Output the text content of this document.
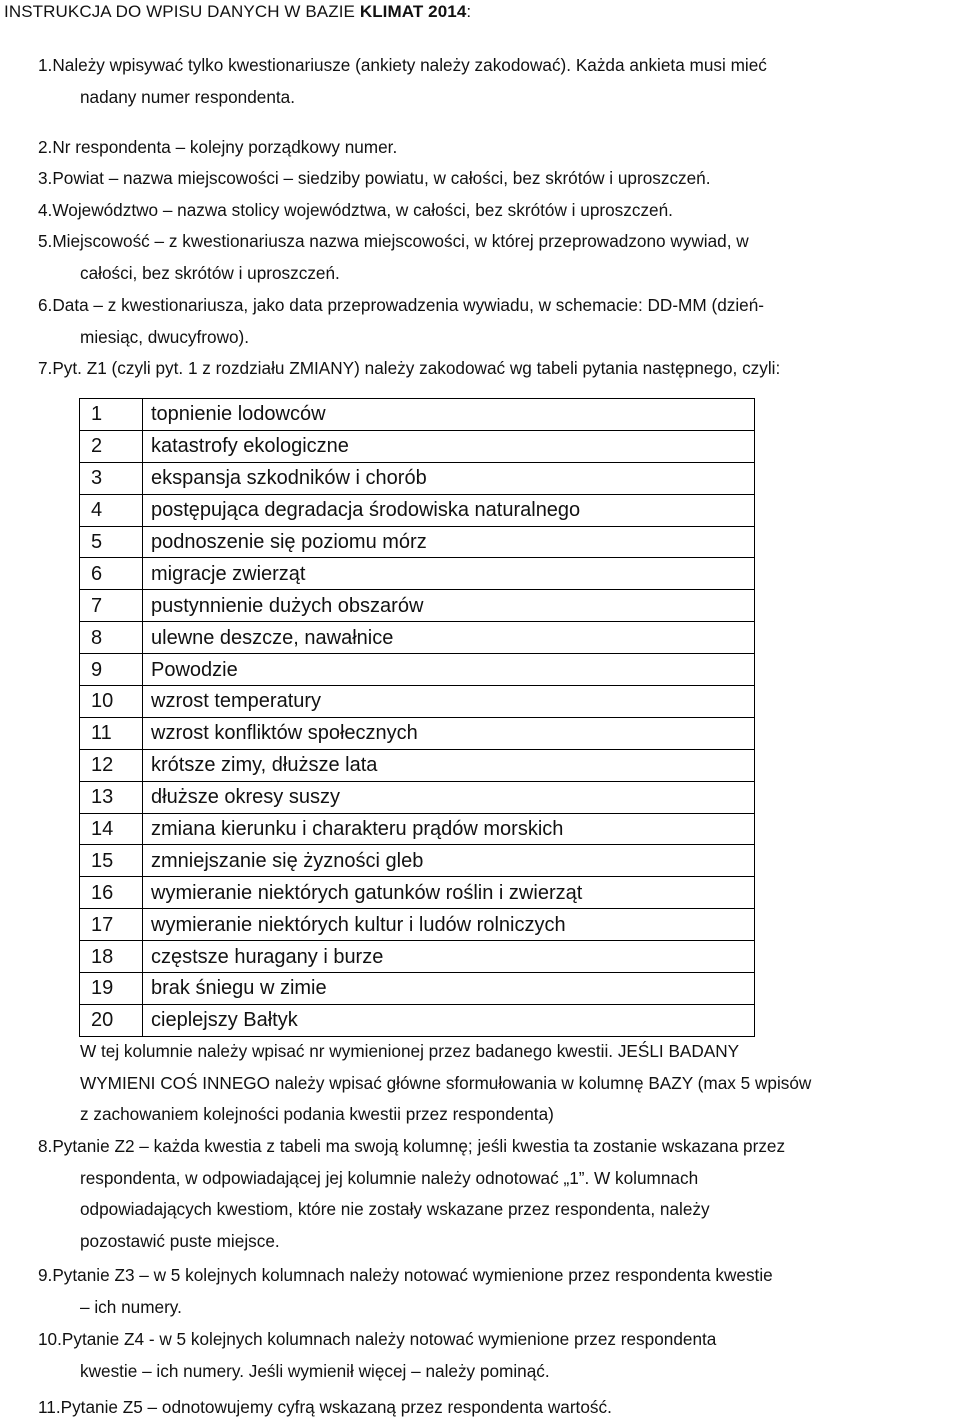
INSTRUKCJA DO WPISU DANYCH W BAZIE KLIMAT 2014:
1.Należy wpisywać tylko kwestionariusze (ankiety należy zakodować). Każda ankieta musi mieć
nadany numer respondenta.
2.Nr respondenta – kolejny porządkowy numer.
3.Powiat – nazwa miejscowości – siedziby powiatu, w całości, bez skrótów i uproszczeń.
4.Województwo – nazwa stolicy województwa, w całości, bez skrótów i uproszczeń.
5.Miejscowość – z kwestionariusza nazwa miejscowości, w której przeprowadzono wywiad, w
całości, bez skrótów i uproszczeń.
6.Data – z kwestionariusza, jako data przeprowadzenia wywiadu, w schemacie: DD-MM (dzień-
miesiąc, dwucyfrowo).
7.Pyt. Z1 (czyli pyt. 1 z rozdziału ZMIANY) należy zakodować wg tabeli pytania następnego, czyli:
1	topnienie lodowców
2	katastrofy ekologiczne
3	ekspansja szkodników i chorób
4	postępująca degradacja środowiska naturalnego
5	podnoszenie się poziomu mórz
6	migracje zwierząt
7	pustynnienie dużych obszarów
8	ulewne deszcze, nawałnice
9	Powodzie
10	wzrost temperatury
11	wzrost konfliktów społecznych
12	krótsze zimy, dłuższe lata
13	dłuższe okresy suszy
14	zmiana kierunku i charakteru prądów morskich
15	zmniejszanie się żyzności gleb
16	wymieranie niektórych gatunków roślin i zwierząt
17	wymieranie niektórych kultur i ludów rolniczych
18	częstsze huragany i burze
19	brak śniegu w zimie
20	cieplejszy Bałtyk
W tej kolumnie należy wpisać nr wymienionej przez badanego kwestii. JEŚLI BADANY
WYMIENI COŚ INNEGO należy wpisać główne sformułowania w kolumnę BAZY (max 5 wpisów
z zachowaniem kolejności podania kwestii przez respondenta)
8.Pytanie Z2 – każda kwestia z tabeli ma swoją kolumnę; jeśli kwestia ta zostanie wskazana przez
respondenta, w odpowiadającej jej kolumnie należy odnotować „1”. W kolumnach
odpowiadających kwestiom, które nie zostały wskazane przez respondenta, należy
pozostawić puste miejsce.
9.Pytanie Z3 – w 5 kolejnych kolumnach należy notować wymienione przez respondenta kwestie
– ich numery.
10.Pytanie Z4 - w 5 kolejnych kolumnach należy notować wymienione przez respondenta
kwestie – ich numery. Jeśli wymienił więcej – należy pominąć.
11.Pytanie Z5 – odnotowujemy cyfrą wskazaną przez respondenta wartość.
